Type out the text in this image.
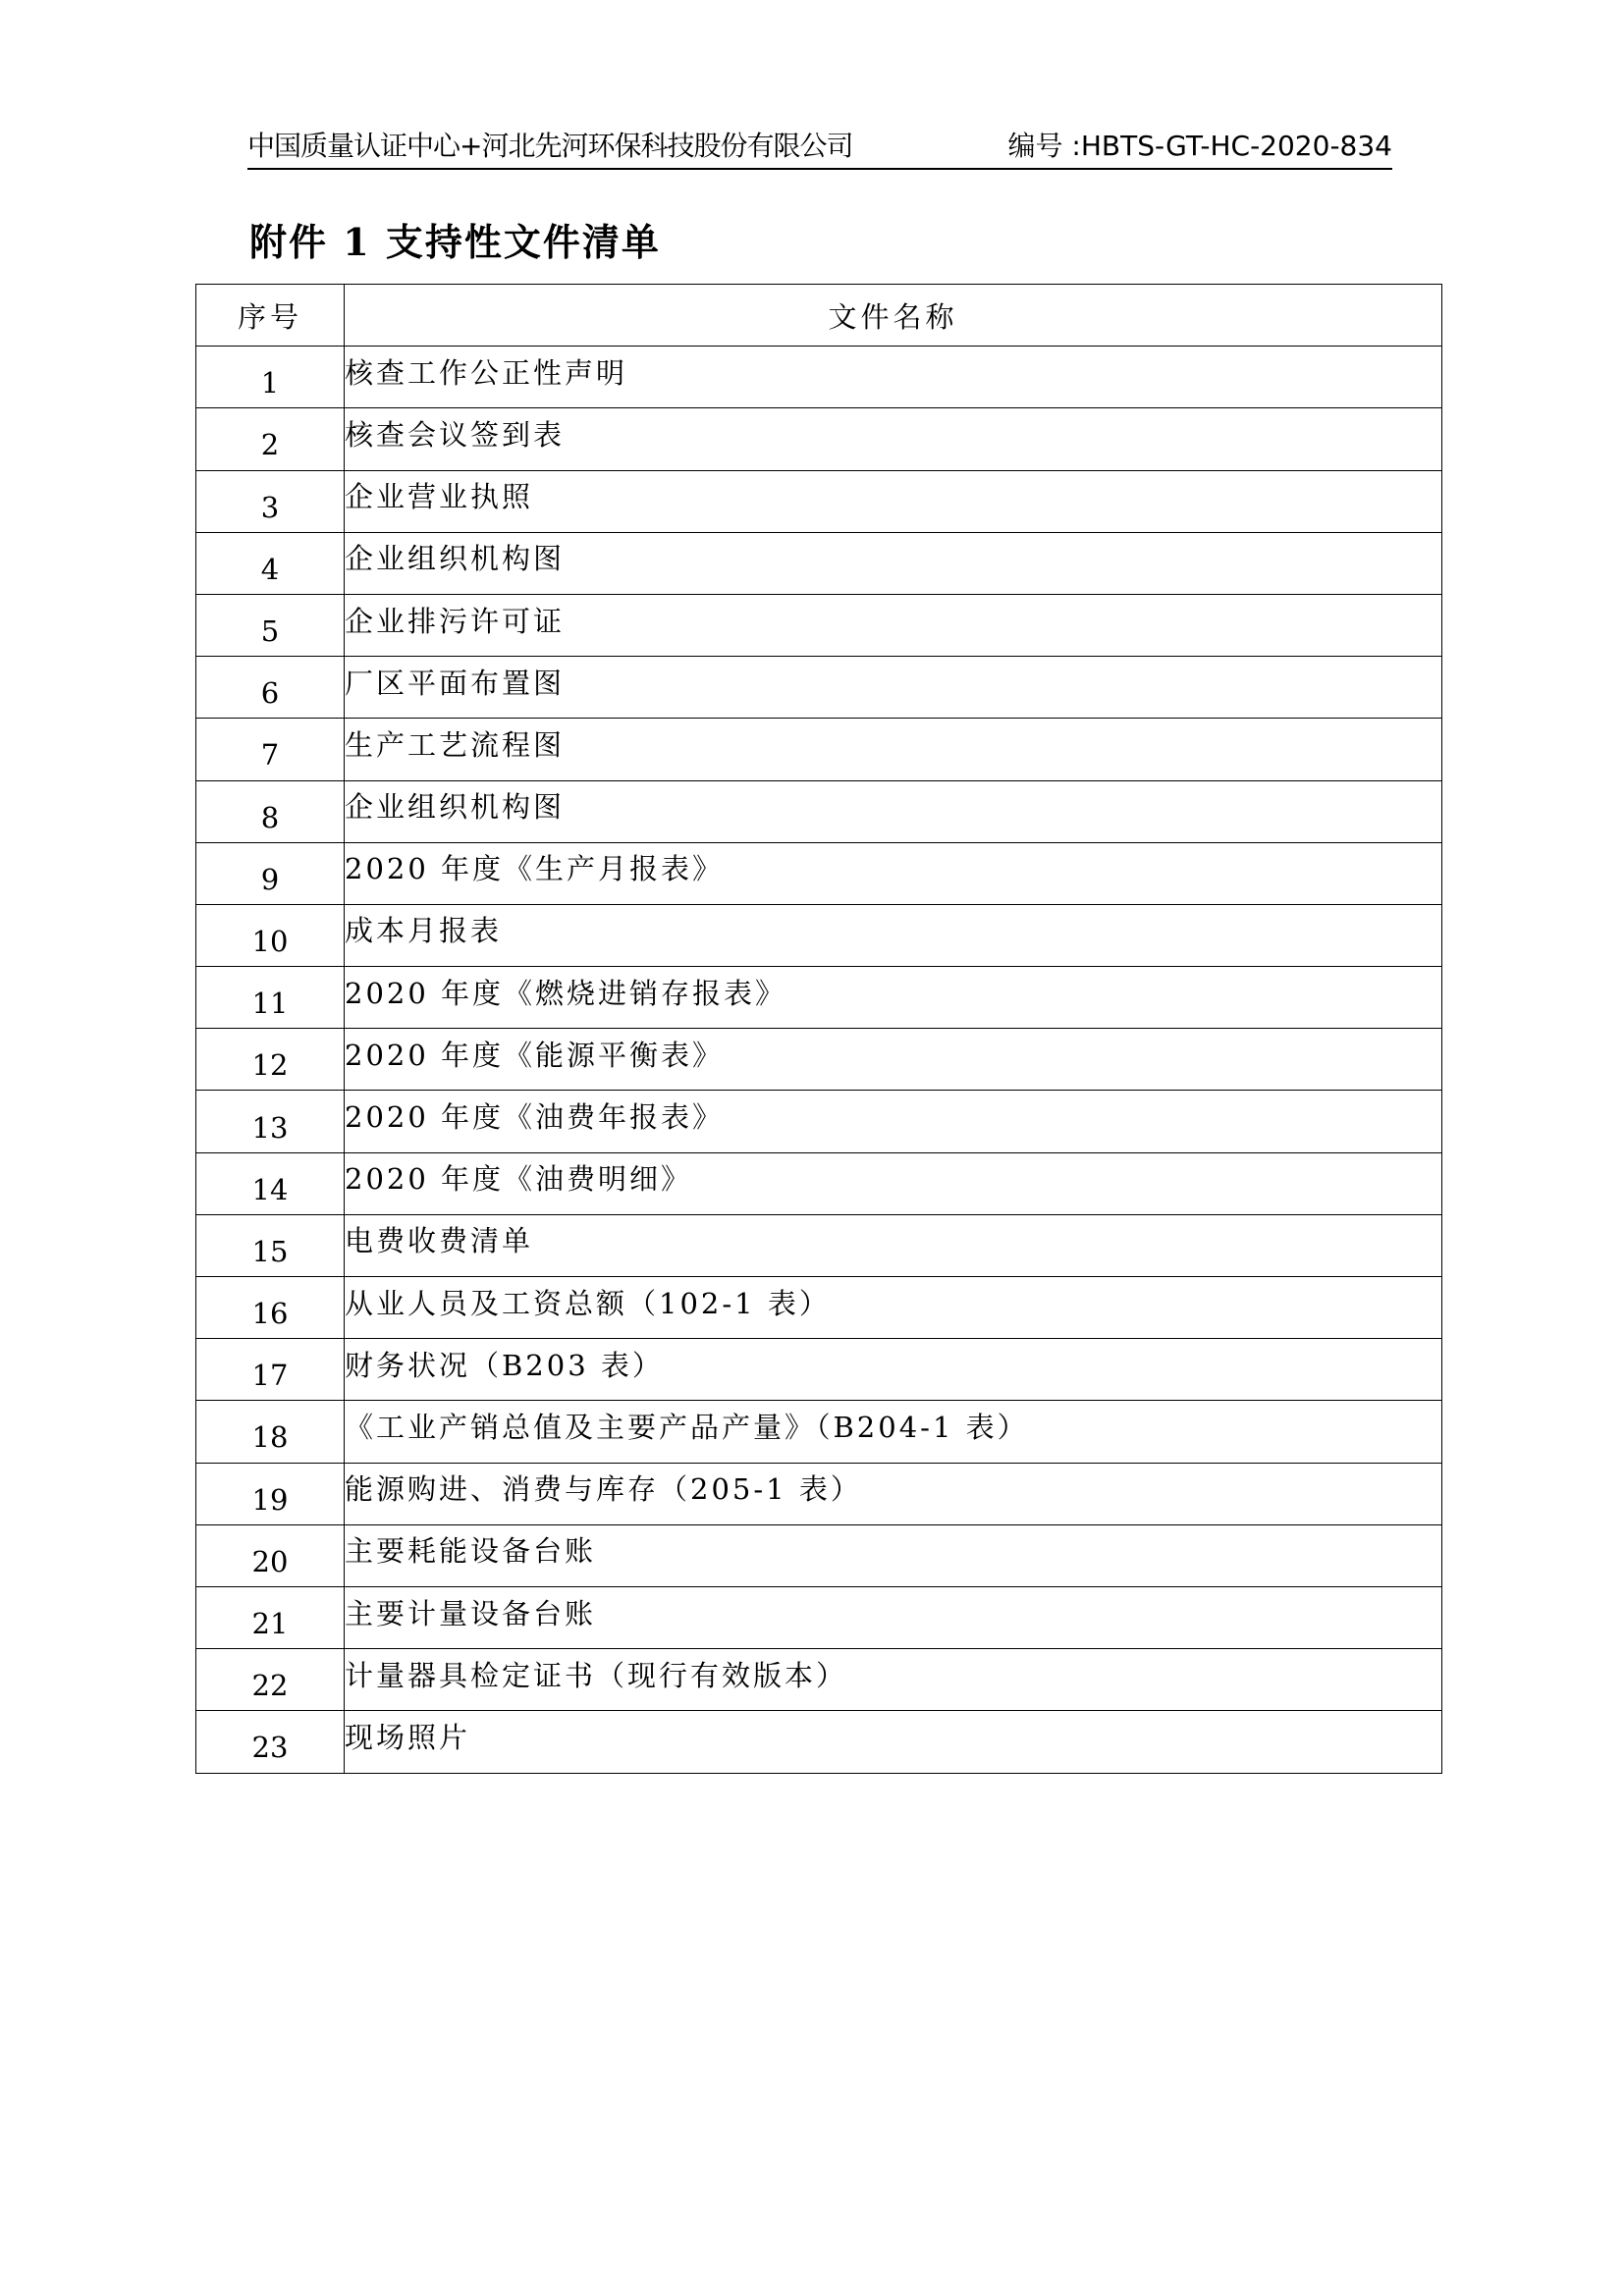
中国质量认证中心+河北先河环保科技股份有限公司	编号 :HBTS-GT-HC-2020-834
附件 1 支持性文件清单
序号	文件名称
1	核查工作公正性声明
2	核查会议签到表
3	企业营业执照
4	企业组织机构图
5	企业排污许可证
6	厂区平面布置图
7	生产工艺流程图
8	企业组织机构图
9	2020 年度《生产月报表》
10	成本月报表
11	2020 年度《燃烧进销存报表》
12	2020 年度《能源平衡表》
13	2020 年度《油费年报表》
14	2020 年度《油费明细》
15	电费收费清单
16	从业人员及工资总额（102-1 表）
17	财务状况（B203 表）
18	《工业产销总值及主要产品产量》（B204-1 表）
19	能源购进、消费与库存（205-1 表）
20	主要耗能设备台账
21	主要计量设备台账
22	计量器具检定证书（现行有效版本）
23	现场照片
